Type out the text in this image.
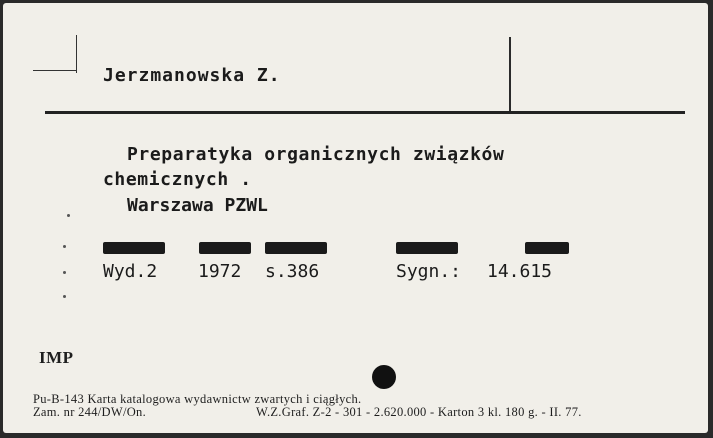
Jerzmanowska Z.
Preparatyka organicznych związków
chemicznych .
Warszawa PZWL
Wyd.2 1972 s.386	Sygn.: 14.615
IMP
Pu-B-143 Karta katalogowa wydawnictw zwartych i ciągłych.
Zam. nr 244/DW/On.	W.Z.Graf. Z-2 - 301 - 2.620.000 - Karton 3 kl. 180 g. - II. 77.
